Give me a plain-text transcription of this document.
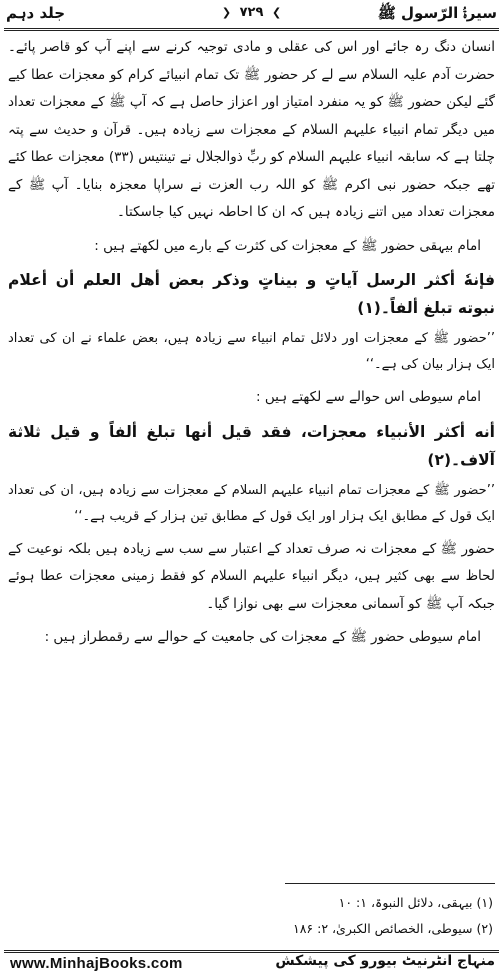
سیرۃُ الرّسول ﷺ
❯ ۷۲۹ ❮
جلد دہم

انسان دنگ رہ جائے اور اس کی عقلی و مادی توجیہ کرنے سے اپنے آپ کو قاصر پائے۔ حضرت آدم علیہ السلام سے لے کر حضور ﷺ تک تمام انبیائے کرام کو معجزات عطا کیے گئے لیکن حضور ﷺ کو یہ منفرد امتیاز اور اعزاز حاصل ہے کہ آپ ﷺ کے معجزات تعداد میں دیگر تمام انبیاء علیہم السلام کے معجزات سے زیادہ ہیں۔ قرآن و حدیث سے پتہ چلتا ہے کہ سابقہ انبیاء علیہم السلام کو ربِّ ذوالجلال نے تینتیس (۳۳) معجزات عطا کئے تھے جبکہ حضور نبی اکرم ﷺ کو اللہ رب العزت نے سراپا معجزہ بنایا۔ آپ ﷺ کے معجزات تعداد میں اتنے زیادہ ہیں کہ ان کا احاطہ نہیں کیا جاسکتا۔

امام بیہقی حضور ﷺ کے معجزات کی کثرت کے بارے میں لکھتے ہیں :

فإنهٗ أكثر الرسل آياتٍ و بيناتٍ وذكر بعض أهل العلم أن أعلام نبوته تبلغ ألفاً۔(۱)

’’حضور ﷺ کے معجزات اور دلائل تمام انبیاء سے زیادہ ہیں، بعض علماء نے ان کی تعداد ایک ہزار بیان کی ہے۔‘‘

امام سیوطی اس حوالے سے لکھتے ہیں :

أنه أكثر الأنبياء معجزات، فقد قيل أنها تبلغ ألفاً و قيل ثلاثة آلاف۔(۲)

’’حضور ﷺ کے معجزات تمام انبیاء علیہم السلام کے معجزات سے زیادہ ہیں، ان کی تعداد ایک قول کے مطابق ایک ہزار اور ایک قول کے مطابق تین ہزار کے قریب ہے۔‘‘

حضور ﷺ کے معجزات نہ صرف تعداد کے اعتبار سے سب سے زیادہ ہیں بلکہ نوعیت کے لحاظ سے بھی کثیر ہیں، دیگر انبیاء علیہم السلام کو فقط زمینی معجزات عطا ہوئے جبکہ آپ ﷺ کو آسمانی معجزات سے بھی نوازا گیا۔

امام سیوطی حضور ﷺ کے معجزات کی جامعیت کے حوالے سے رقمطراز ہیں :

(۱) بیہقی، دلائل النبوۃ، ۱: ۱۰
(۲) سیوطی، الخصائص الکبریٰ، ۲: ۱۸۶
www.MinhajBooks.com	منہاج انٹرنیٹ بیورو کی پیشکش
